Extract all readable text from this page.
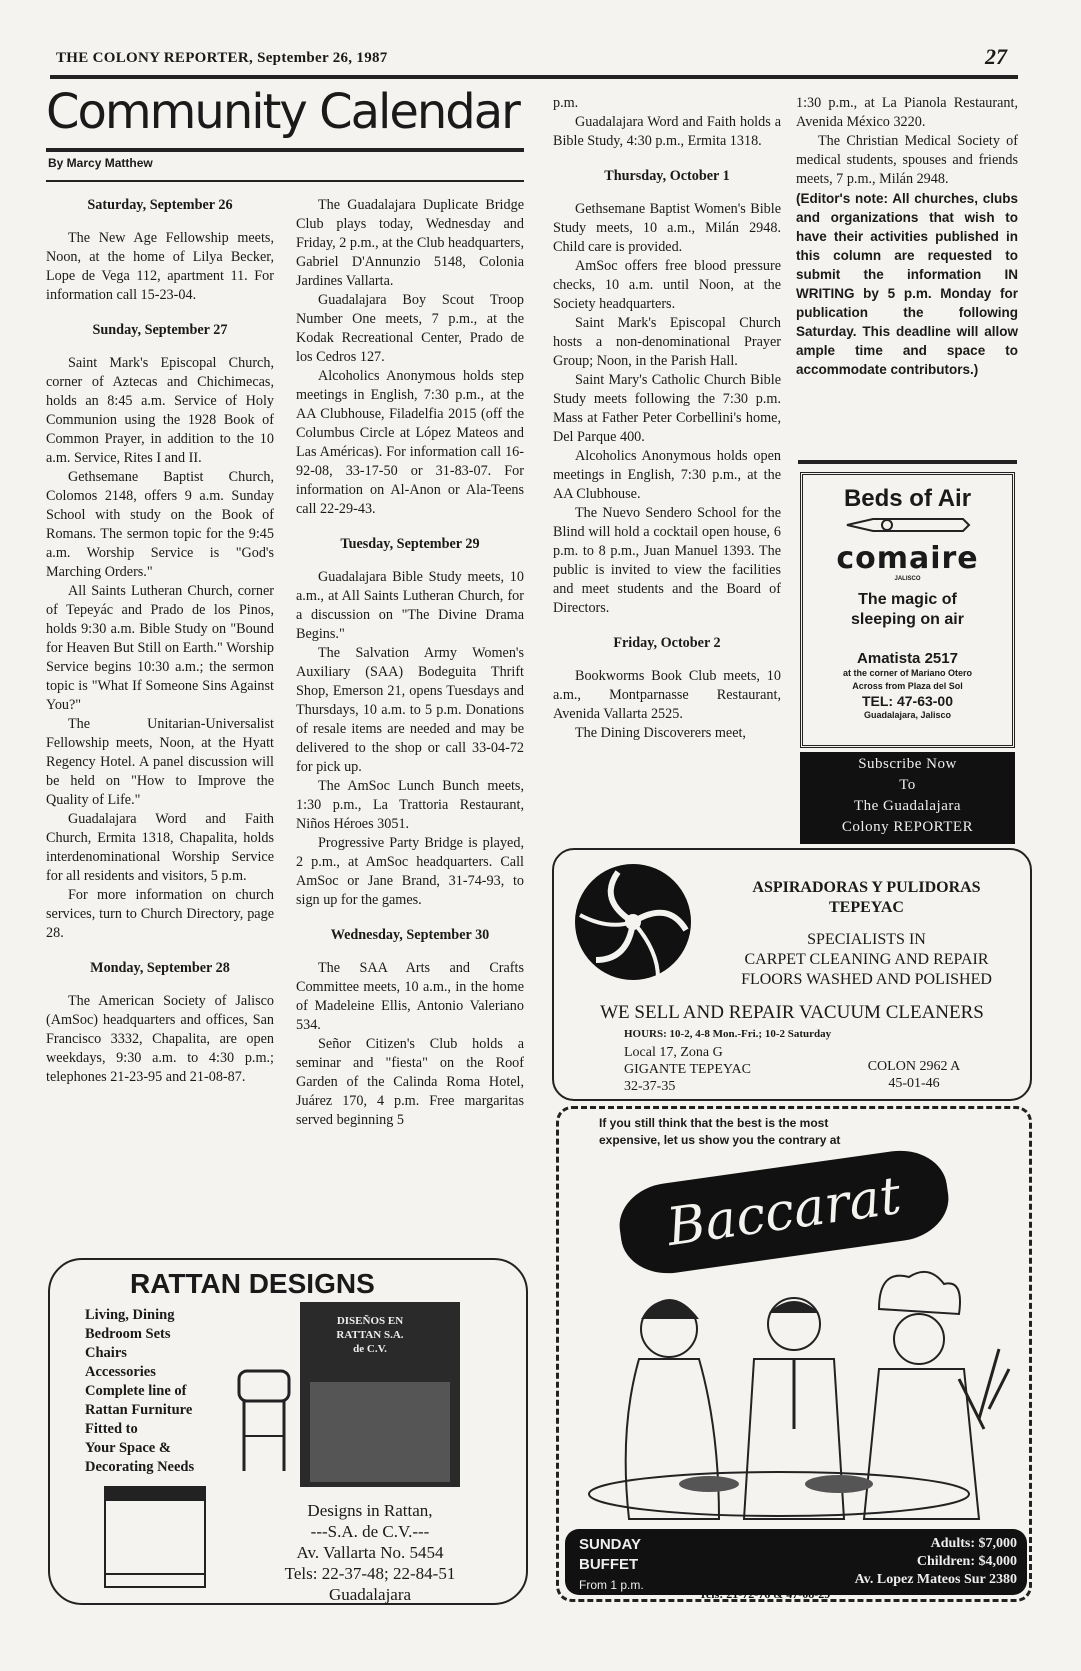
THE COLONY REPORTER, September 26, 1987	27
Community Calendar
By Marcy Matthew

Saturday, September 26

The New Age Fellowship meets, Noon, at the home of Lilya Becker, Lope de Vega 112, apartment 11. For information call 15-23-04.

Sunday, September 27

Saint Mark's Episcopal Church, corner of Aztecas and Chichimecas, holds an 8:45 a.m. Service of Holy Communion using the 1928 Book of Common Prayer, in addition to the 10 a.m. Service, Rites I and II.

Gethsemane Baptist Church, Colomos 2148, offers 9 a.m. Sunday School with study on the Book of Romans. The sermon topic for the 9:45 a.m. Worship Service is "God's Marching Orders."

All Saints Lutheran Church, corner of Tepeyác and Prado de los Pinos, holds 9:30 a.m. Bible Study on "Bound for Heaven But Still on Earth." Worship Service begins 10:30 a.m.; the sermon topic is "What If Someone Sins Against You?"

The Unitarian-Universalist Fellowship meets, Noon, at the Hyatt Regency Hotel. A panel discussion will be held on "How to Improve the Quality of Life."

Guadalajara Word and Faith Church, Ermita 1318, Chapalita, holds interdenominational Worship Service for all residents and visitors, 5 p.m.

For more information on church services, turn to Church Directory, page 28.

Monday, September 28

The American Society of Jalisco (AmSoc) headquarters and offices, San Francisco 3332, Chapalita, are open weekdays, 9:30 a.m. to 4:30 p.m.; telephones 21-23-95 and 21-08-87.

The Guadalajara Duplicate Bridge Club plays today, Wednesday and Friday, 2 p.m., at the Club headquarters, Gabriel D'Annunzio 5148, Colonia Jardines Vallarta.

Guadalajara Boy Scout Troop Number One meets, 7 p.m., at the Kodak Recreational Center, Prado de los Cedros 127.

Alcoholics Anonymous holds step meetings in English, 7:30 p.m., at the AA Clubhouse, Filadelfia 2015 (off the Columbus Circle at López Mateos and Las Américas). For information call 16-92-08, 33-17-50 or 31-83-07. For information on Al-Anon or Ala-Teens call 22-29-43.

Tuesday, September 29

Guadalajara Bible Study meets, 10 a.m., at All Saints Lutheran Church, for a discussion on "The Divine Drama Begins."

The Salvation Army Women's Auxiliary (SAA) Bodeguita Thrift Shop, Emerson 21, opens Tuesdays and Thursdays, 10 a.m. to 5 p.m. Donations of resale items are needed and may be delivered to the shop or call 33-04-72 for pick up.

The AmSoc Lunch Bunch meets, 1:30 p.m., La Trattoria Restaurant, Niños Héroes 3051.

Progressive Party Bridge is played, 2 p.m., at AmSoc headquarters. Call AmSoc or Jane Brand, 31-74-93, to sign up for the games.

Wednesday, September 30

The SAA Arts and Crafts Committee meets, 10 a.m., in the home of Madeleine Ellis, Antonio Valeriano 534.

Señor Citizen's Club holds a seminar and "fiesta" on the Roof Garden of the Calinda Roma Hotel, Juárez 170, 4 p.m. Free margaritas served beginning 5

p.m.

Guadalajara Word and Faith holds a Bible Study, 4:30 p.m., Ermita 1318.

Thursday, October 1

Gethsemane Baptist Women's Bible Study meets, 10 a.m., Milán 2948. Child care is provided.

AmSoc offers free blood pressure checks, 10 a.m. until Noon, at the Society headquarters.

Saint Mark's Episcopal Church hosts a non-denominational Prayer Group; Noon, in the Parish Hall.

Saint Mary's Catholic Church Bible Study meets following the 7:30 p.m. Mass at Father Peter Corbellini's home, Del Parque 400.

Alcoholics Anonymous holds open meetings in English, 7:30 p.m., at the AA Clubhouse.

The Nuevo Sendero School for the Blind will hold a cocktail open house, 6 p.m. to 8 p.m., Juan Manuel 1393. The public is invited to view the facilities and meet students and the Board of Directors.

Friday, October 2

Bookworms Book Club meets, 10 a.m., Montparnasse Restaurant, Avenida Vallarta 2525.

The Dining Discoverers meet,

1:30 p.m., at La Pianola Restaurant, Avenida México 3220.

The Christian Medical Society of medical students, spouses and friends meets, 7 p.m., Milán 2948.

(Editor's note: All churches, clubs and organizations that wish to have their activities published in this column are requested to submit the information IN WRITING by 5 p.m. Monday for publication the following Saturday. This deadline will allow ample time and space to accommodate contributors.)

Beds of Air
comaire
JALISCO
The magic of sleeping on air
Amatista 2517
at the corner of Mariano Otero
Across from Plaza del Sol
TEL: 47-63-00
Guadalajara, Jalisco
Subscribe Now
To
The Guadalajara
Colony REPORTER
ASPIRADORAS Y PULIDORAS
TEPEYAC
SPECIALISTS IN
CARPET CLEANING AND REPAIR
FLOORS WASHED AND POLISHED
WE SELL AND REPAIR VACUUM CLEANERS
HOURS: 10-2, 4-8 Mon.-Fri.; 10-2 Saturday
Local 17, Zona G
GIGANTE TEPEYAC
32-37-35
COLON 2962 A
45-01-46
RATTAN DESIGNS
Living, Dining
Bedroom Sets
Chairs
Accessories
Complete line of
Rattan Furniture
Fitted to
Your Space &
Decorating Needs
DISEÑOS EN RATTAN S.A. de C.V.
Designs in Rattan,
---S.A. de C.V.---
Av. Vallarta No. 5454
Tels: 22-37-48; 22-84-51
Guadalajara
If you still think that the best is the most expensive, let us show you the contrary at
Baccarat
SUNDAY
BUFFET
From 1 p.m.
Adults: $7,000
Children: $4,000
Av. Lopez Mateos Sur 2380
Tels: 21-72-76 & 47-08-29
